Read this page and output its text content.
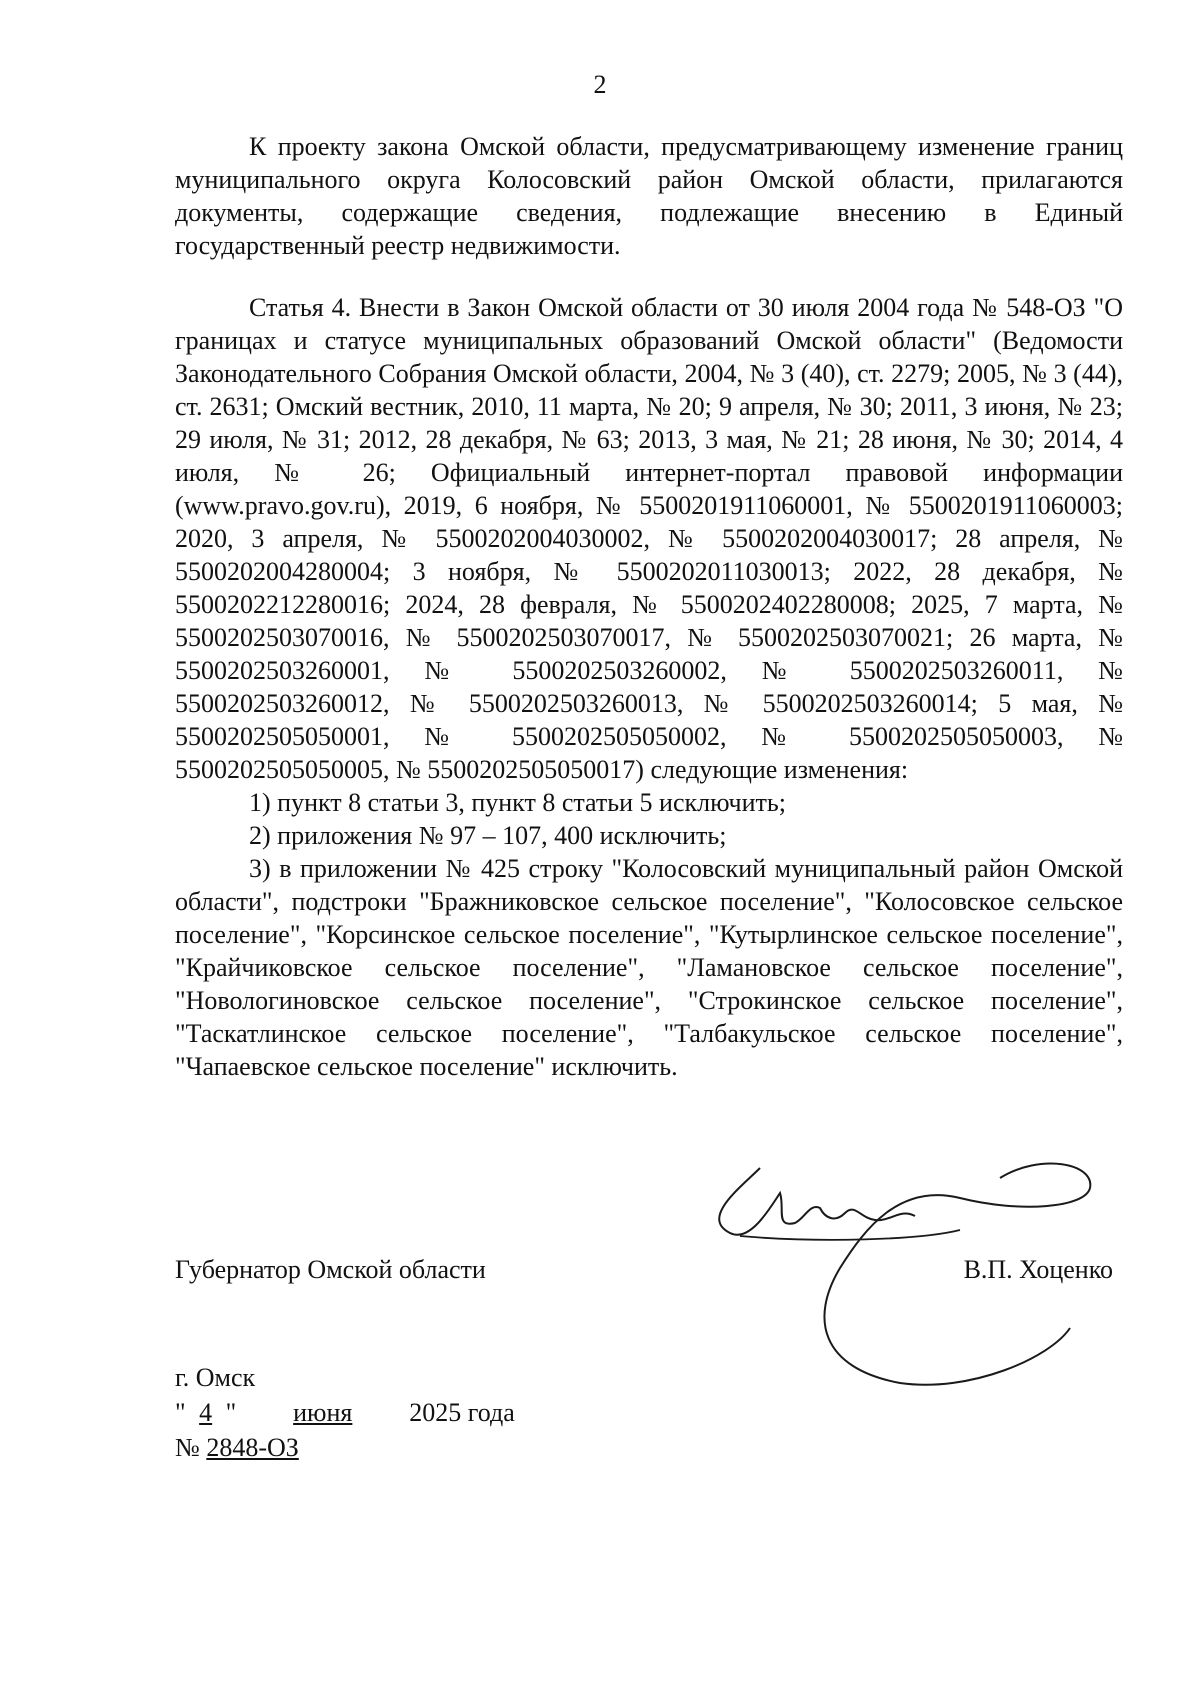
2

К проекту закона Омской области, предусматривающему изменение границ муниципального округа Колосовский район Омской области, прилагаются документы, содержащие сведения, подлежащие внесению в Единый государственный реестр недвижимости.

Статья 4. Внести в Закон Омской области от 30 июля 2004 года № 548-ОЗ "О границах и статусе муниципальных образований Омской области" (Ведомости Законодательного Собрания Омской области, 2004, № 3 (40), ст. 2279; 2005, № 3 (44), ст. 2631; Омский вестник, 2010, 11 марта, № 20; 9 апреля, № 30; 2011, 3 июня, № 23; 29 июля, № 31; 2012, 28 декабря, № 63; 2013, 3 мая, № 21; 28 июня, № 30; 2014, 4 июля, № 26; Официальный интернет-портал правовой информации (www.pravo.gov.ru), 2019, 6 ноября, № 5500201911060001, № 5500201911060003; 2020, 3 апреля, № 5500202004030002, № 5500202004030017; 28 апреля, № 5500202004280004; 3 ноября, № 5500202011030013; 2022, 28 декабря, № 5500202212280016; 2024, 28 февраля, № 5500202402280008; 2025, 7 марта, № 5500202503070016, № 5500202503070017, № 5500202503070021; 26 марта, № 5500202503260001, № 5500202503260002, № 5500202503260011, № 5500202503260012, № 5500202503260013, № 5500202503260014; 5 мая, № 5500202505050001, № 5500202505050002, № 5500202505050003, № 5500202505050005, № 5500202505050017) следующие изменения:

1) пункт 8 статьи 3, пункт 8 статьи 5 исключить;
2) приложения № 97 – 107, 400 исключить;
3) в приложении № 425 строку "Колосовский муниципальный район Омской области", подстроки "Бражниковское сельское поселение", "Колосовское сельское поселение", "Корсинское сельское поселение", "Кутырлинское сельское поселение", "Крайчиковское сельское поселение", "Ламановское сельское поселение", "Новологиновское сельское поселение", "Строкинское сельское поселение", "Таскатлинское сельское поселение", "Талбакульское сельское поселение", "Чапаевское сельское поселение" исключить.
Губернатор Омской области	В.П. Хоценко
г. Омск
" 4 " июня 2025 года
№ 2848-ОЗ
